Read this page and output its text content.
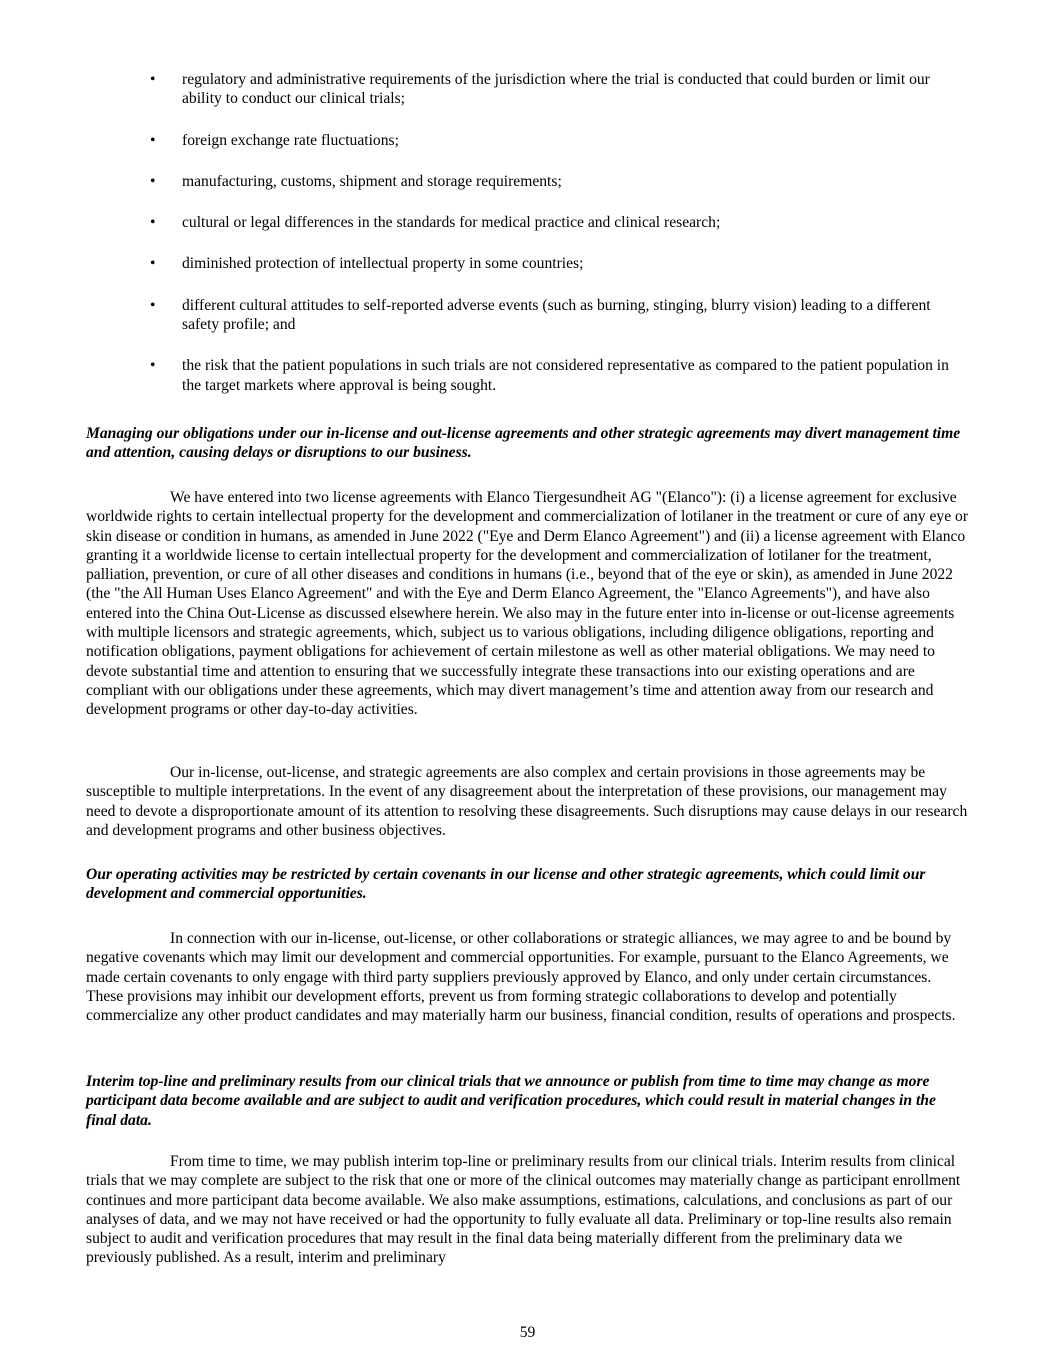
• regulatory and administrative requirements of the jurisdiction where the trial is conducted that could burden or limit our ability to conduct our clinical trials;
• foreign exchange rate fluctuations;
• manufacturing, customs, shipment and storage requirements;
• cultural or legal differences in the standards for medical practice and clinical research;
• diminished protection of intellectual property in some countries;
• different cultural attitudes to self-reported adverse events (such as burning, stinging, blurry vision) leading to a different safety profile; and
• the risk that the patient populations in such trials are not considered representative as compared to the patient population in the target markets where approval is being sought.

Managing our obligations under our in-license and out-license agreements and other strategic agreements may divert management time and attention, causing delays or disruptions to our business.

We have entered into two license agreements with Elanco Tiergesundheit AG "(Elanco"): (i) a license agreement for exclusive worldwide rights to certain intellectual property for the development and commercialization of lotilaner in the treatment or cure of any eye or skin disease or condition in humans, as amended in June 2022 ("Eye and Derm Elanco Agreement") and (ii) a license agreement with Elanco granting it a worldwide license to certain intellectual property for the development and commercialization of lotilaner for the treatment, palliation, prevention, or cure of all other diseases and conditions in humans (i.e., beyond that of the eye or skin), as amended in June 2022 (the "the All Human Uses Elanco Agreement" and with the Eye and Derm Elanco Agreement, the "Elanco Agreements"), and have also entered into the China Out-License as discussed elsewhere herein. We also may in the future enter into in-license or out-license agreements with multiple licensors and strategic agreements, which, subject us to various obligations, including diligence obligations, reporting and notification obligations, payment obligations for achievement of certain milestone as well as other material obligations. We may need to devote substantial time and attention to ensuring that we successfully integrate these transactions into our existing operations and are compliant with our obligations under these agreements, which may divert management’s time and attention away from our research and development programs or other day-to-day activities.

Our in-license, out-license, and strategic agreements are also complex and certain provisions in those agreements may be susceptible to multiple interpretations. In the event of any disagreement about the interpretation of these provisions, our management may need to devote a disproportionate amount of its attention to resolving these disagreements. Such disruptions may cause delays in our research and development programs and other business objectives.

Our operating activities may be restricted by certain covenants in our license and other strategic agreements, which could limit our development and commercial opportunities.

In connection with our in-license, out-license, or other collaborations or strategic alliances, we may agree to and be bound by negative covenants which may limit our development and commercial opportunities. For example, pursuant to the Elanco Agreements, we made certain covenants to only engage with third party suppliers previously approved by Elanco, and only under certain circumstances. These provisions may inhibit our development efforts, prevent us from forming strategic collaborations to develop and potentially commercialize any other product candidates and may materially harm our business, financial condition, results of operations and prospects.

Interim top-line and preliminary results from our clinical trials that we announce or publish from time to time may change as more participant data become available and are subject to audit and verification procedures, which could result in material changes in the final data.

From time to time, we may publish interim top-line or preliminary results from our clinical trials. Interim results from clinical trials that we may complete are subject to the risk that one or more of the clinical outcomes may materially change as participant enrollment continues and more participant data become available. We also make assumptions, estimations, calculations, and conclusions as part of our analyses of data, and we may not have received or had the opportunity to fully evaluate all data. Preliminary or top-line results also remain subject to audit and verification procedures that may result in the final data being materially different from the preliminary data we previously published. As a result, interim and preliminary

59
